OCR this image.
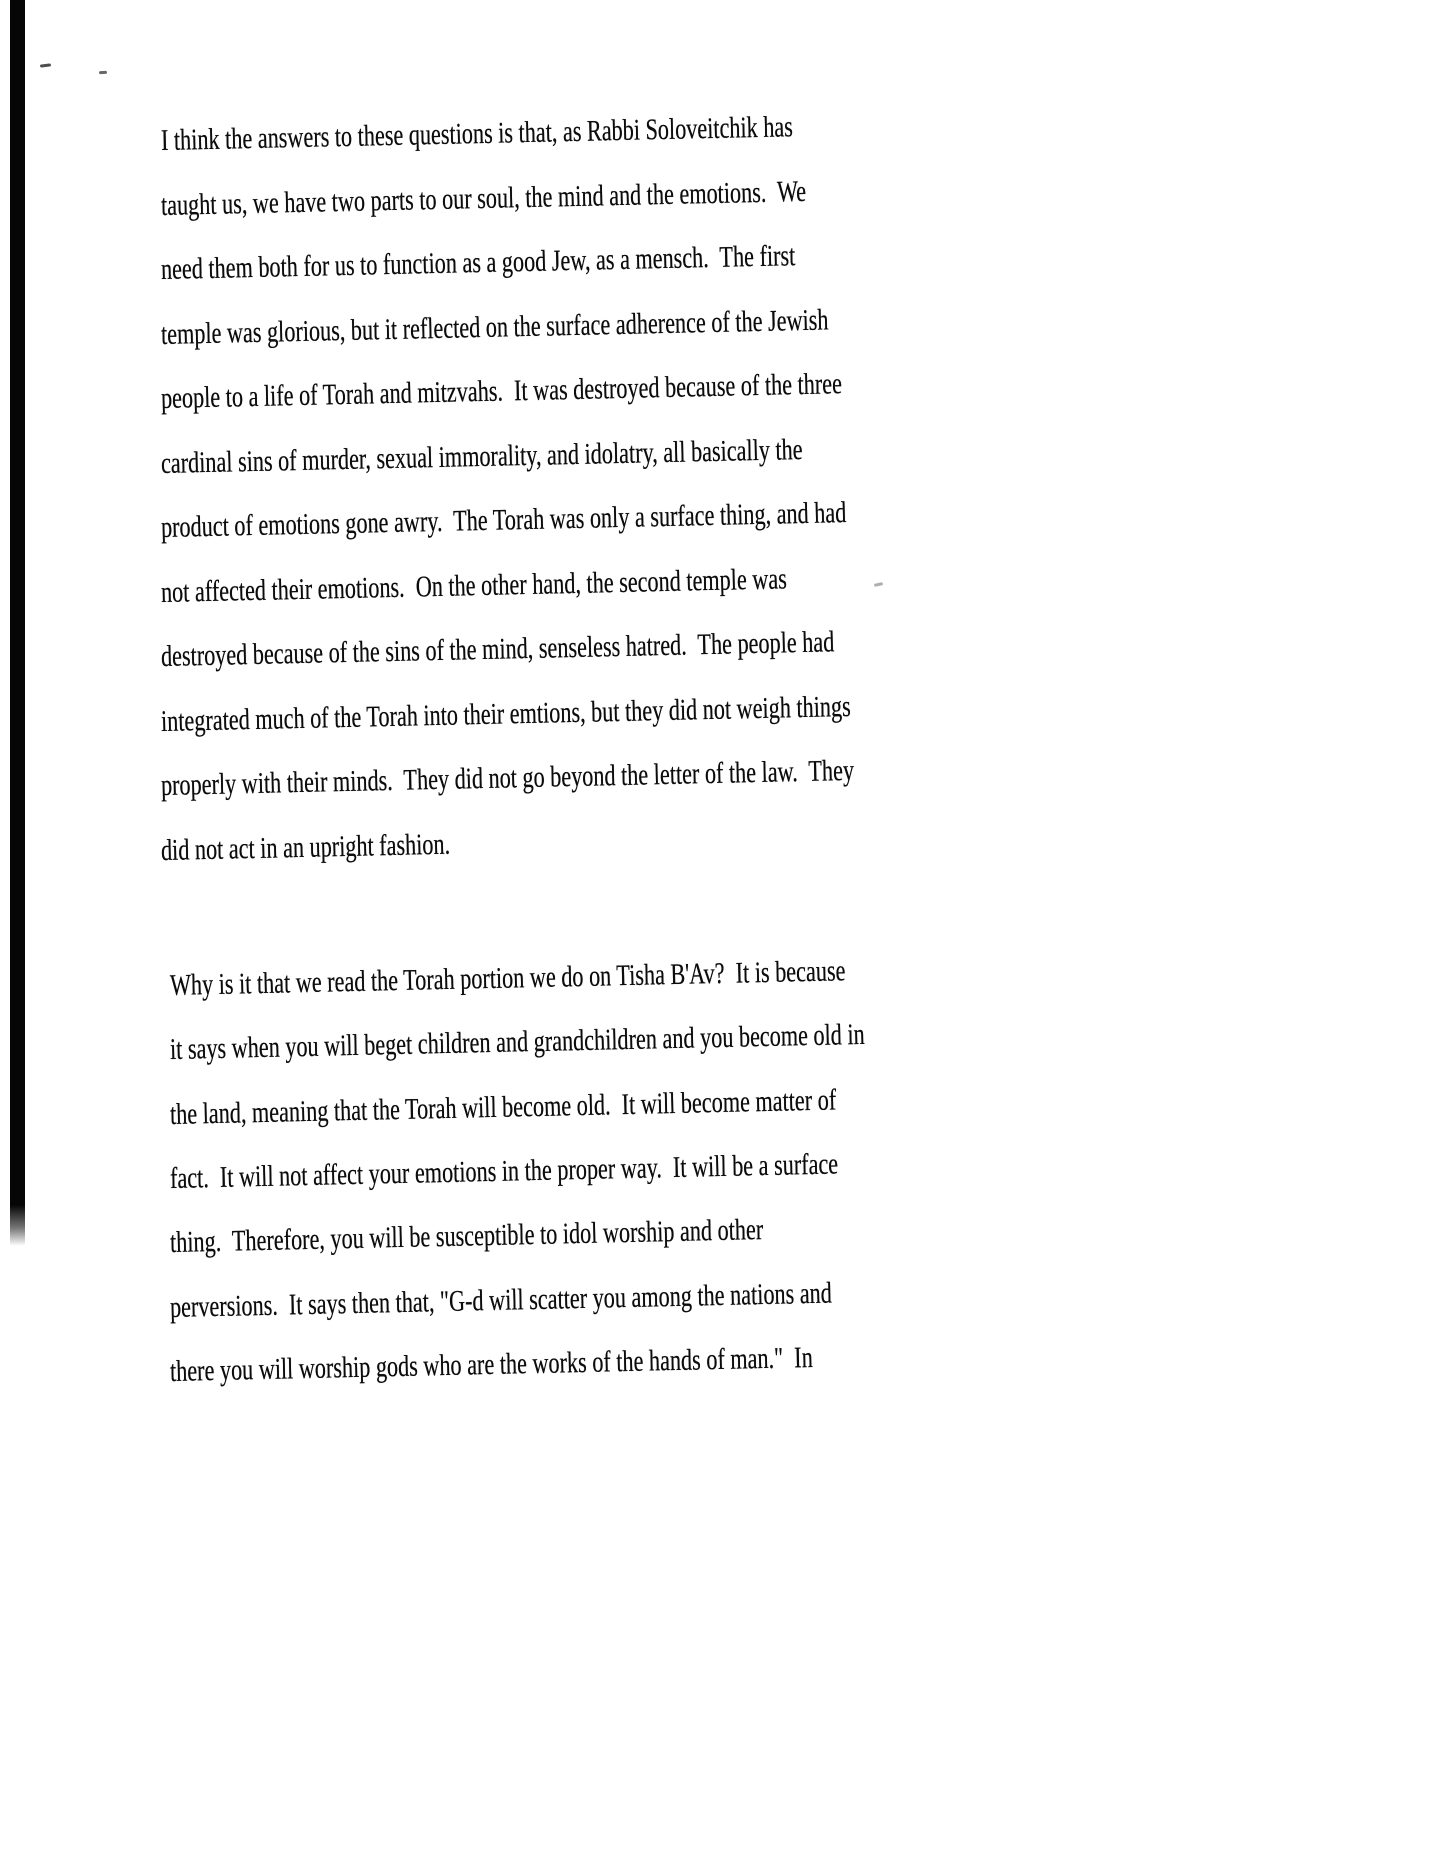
I think the answers to these questions is that, as Rabbi Soloveitchik has
taught us, we have two parts to our soul, the mind and the emotions.  We
need them both for us to function as a good Jew, as a mensch.  The first
temple was glorious, but it reflected on the surface adherence of the Jewish
people to a life of Torah and mitzvahs.  It was destroyed because of the three
cardinal sins of murder, sexual immorality, and idolatry, all basically the
product of emotions gone awry.  The Torah was only a surface thing, and had
not affected their emotions.  On the other hand, the second temple was
destroyed because of the sins of the mind, senseless hatred.  The people had
integrated much of the Torah into their emtions, but they did not weigh things
properly with their minds.  They did not go beyond the letter of the law.  They
did not act in an upright fashion.
Why is it that we read the Torah portion we do on Tisha B'Av?  It is because
it says when you will beget children and grandchildren and you become old in
the land, meaning that the Torah will become old.  It will become matter of
fact.  It will not affect your emotions in the proper way.  It will be a surface
thing.  Therefore, you will be susceptible to idol worship and other
perversions.  It says then that, "G-d will scatter you among the nations and
there you will worship gods who are the works of the hands of man."  In
